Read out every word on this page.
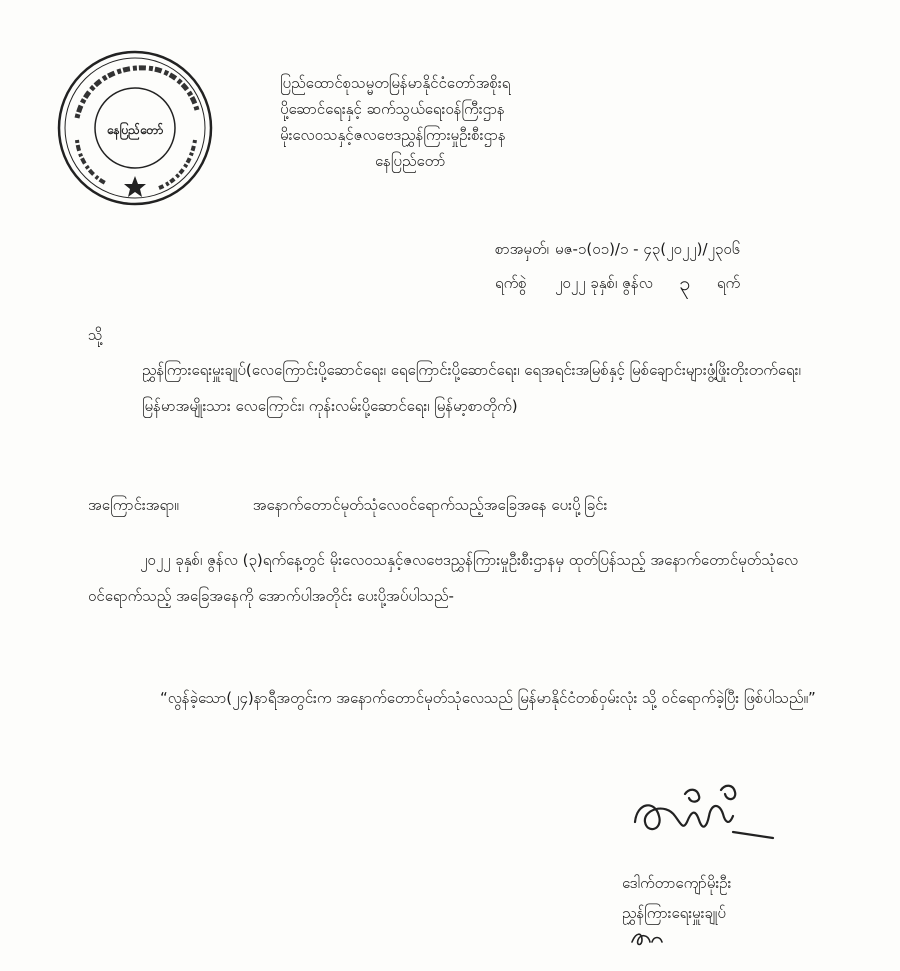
နေပြည်တော်
ပြည်ထောင်စုသမ္မတမြန်မာနိုင်ငံတော်အစိုးရ
ပို့ဆောင်ရေးနှင့် ဆက်သွယ်ရေးဝန်ကြီးဌာန
မိုးလေဝသနှင့်ဇလဗေဒညွှန်ကြားမှုဦးစီးဌာန
နေပြည်တော်
စာအမှတ်၊ မဇ-၁(၀၁)/၁ - ၄၃(၂၀၂၂)/၂၃၀၆
ရက်စွဲ	၂၀၂၂ ခုနှစ်၊ ဇွန်လ	၃	ရက်
သို့
ညွှန်ကြားရေးမှူးချုပ်(လေကြောင်းပို့ဆောင်ရေး၊ ရေကြောင်းပို့ဆောင်ရေး၊ ရေအရင်းအမြစ်နှင့် မြစ်ချောင်းများဖွံ့ဖြိုးတိုးတက်ရေး၊ မြန်မာအမျိုးသား လေကြောင်း၊ ကုန်းလမ်းပို့ဆောင်ရေး၊ မြန်မာ့စာတိုက်)
အကြောင်းအရာ။	အနောက်တောင်မုတ်သုံလေဝင်ရောက်သည့်အခြေအနေ ပေးပို့ခြင်း
၂၀၂၂ ခုနှစ်၊ ဇွန်လ (၃)ရက်နေ့တွင် မိုးလေဝသနှင့်ဇလဗေဒညွှန်ကြားမှုဦးစီးဌာနမှ ထုတ်ပြန်သည့် အနောက်တောင်မုတ်သုံလေဝင်ရောက်သည့် အခြေအနေကို အောက်ပါအတိုင်း ပေးပို့အပ်ပါသည်-
“လွန်ခဲ့သော(၂၄)နာရီအတွင်းက အနောက်တောင်မုတ်သုံလေသည် မြန်မာနိုင်ငံတစ်ဝှမ်းလုံး သို့ ဝင်ရောက်ခဲ့ပြီး ဖြစ်ပါသည်။”
ဒေါက်တာကျော်မိုးဦး
ညွှန်ကြားရေးမှူးချုပ်
